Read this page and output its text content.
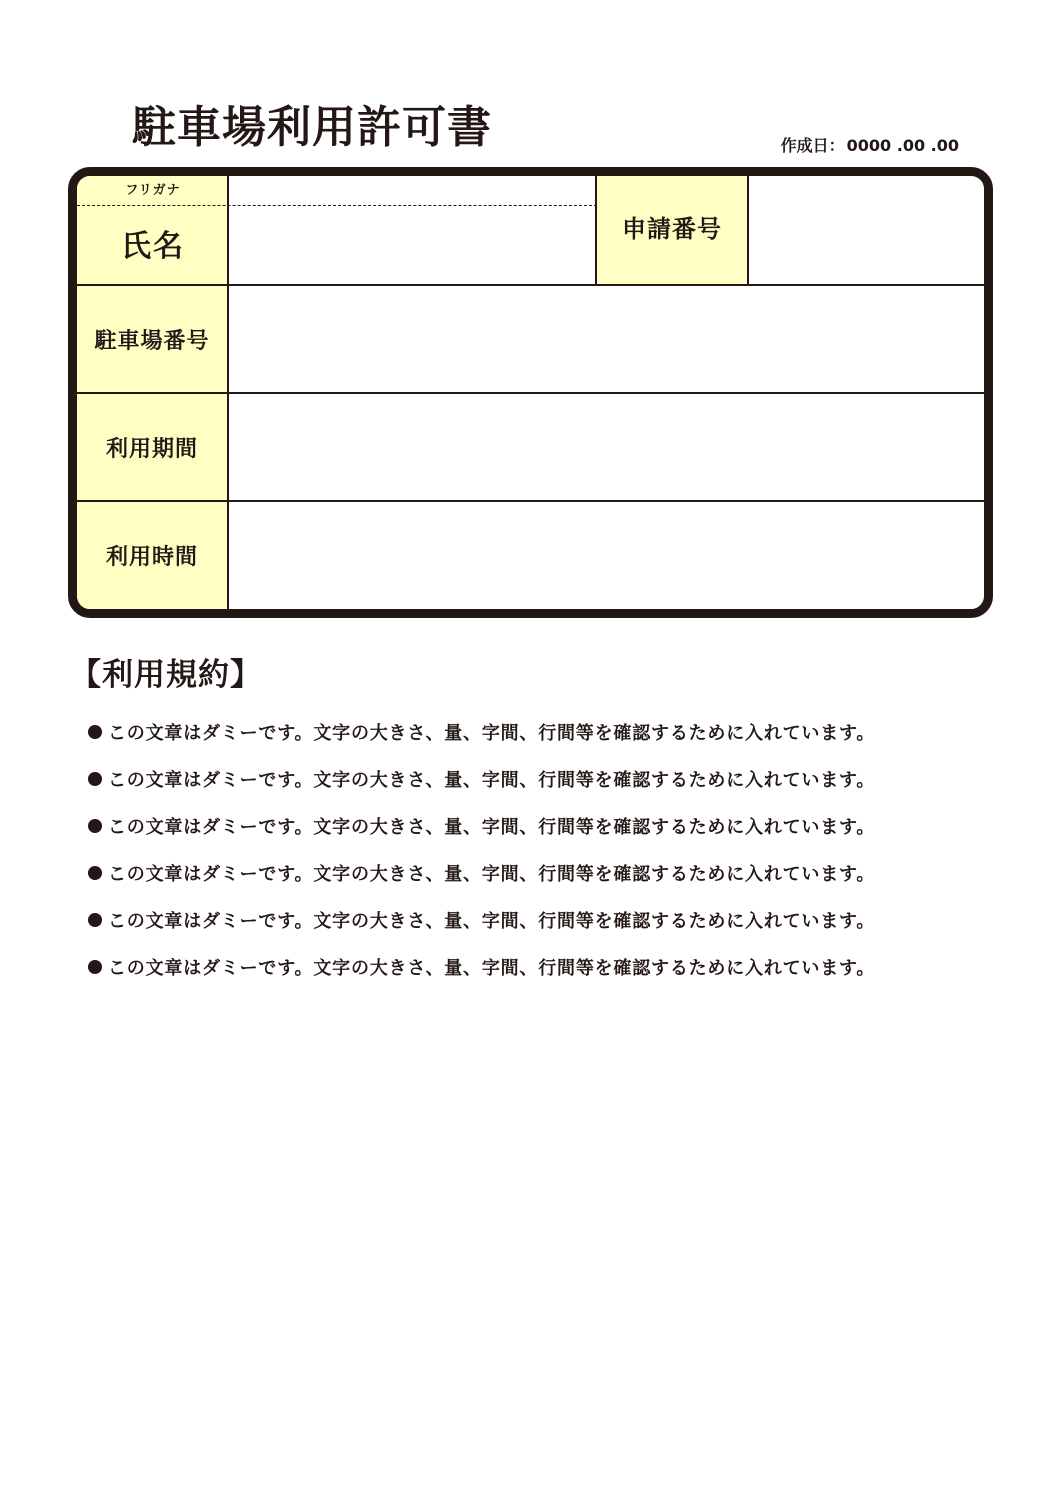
駐車場利用許可書	作成日： 0000 .00 .00
フリガナ
氏名
申請番号
駐車場番号
利用期間
利用時間
【利用規約】
この文章はダミーです。文字の大きさ、量、字間、行間等を確認するために入れています。
この文章はダミーです。文字の大きさ、量、字間、行間等を確認するために入れています。
この文章はダミーです。文字の大きさ、量、字間、行間等を確認するために入れています。
この文章はダミーです。文字の大きさ、量、字間、行間等を確認するために入れています。
この文章はダミーです。文字の大きさ、量、字間、行間等を確認するために入れています。
この文章はダミーです。文字の大きさ、量、字間、行間等を確認するために入れています。
